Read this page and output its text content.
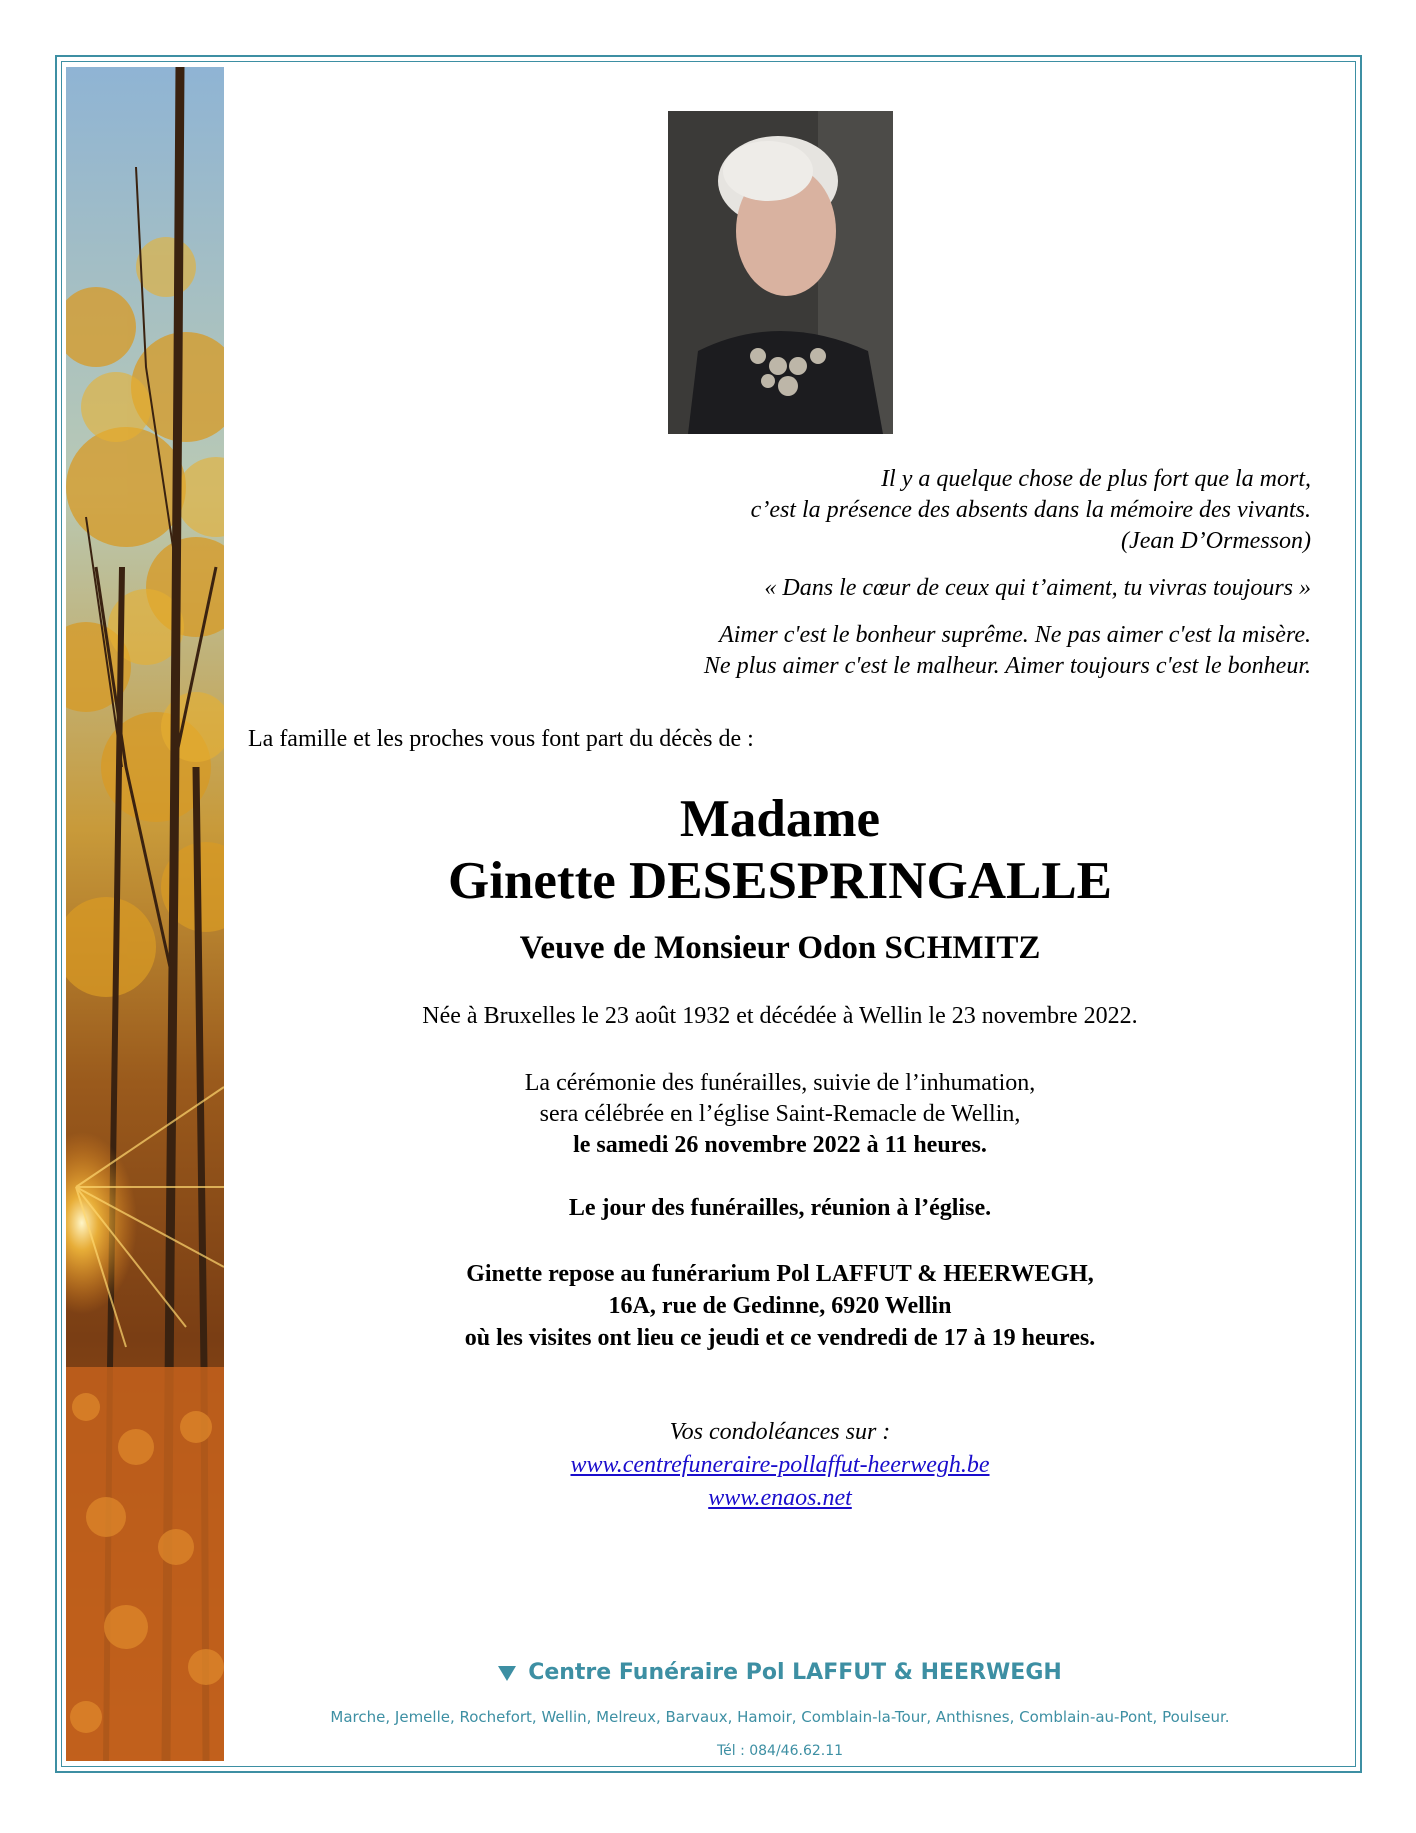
Il y a quelque chose de plus fort que la mort,

c’est la présence des absents dans la mémoire des vivants.

(Jean D’Ormesson)

« Dans le cœur de ceux qui t’aiment, tu vivras toujours »

Aimer c'est le bonheur suprême. Ne pas aimer c'est la misère.

Ne plus aimer c'est le malheur. Aimer toujours c'est le bonheur.

La famille et les proches vous font part du décès de :
Madame
Ginette DESESPRINGALLE
Veuve de Monsieur Odon SCHMITZ
Née à Bruxelles le 23 août 1932 et décédée à Wellin le 23 novembre 2022.
La cérémonie des funérailles, suivie de l’inhumation,
sera célébrée en l’église Saint-Remacle de Wellin,
le samedi 26 novembre 2022 à 11 heures.
Le jour des funérailles, réunion à l’église.
Ginette repose au funérarium Pol LAFFUT & HEERWEGH,
16A, rue de Gedinne, 6920 Wellin
où les visites ont lieu ce jeudi et ce vendredi de 17 à 19 heures.
Vos condoléances sur :
www.centrefuneraire-pollaffut-heerwegh.be
www.enaos.net
Centre Funéraire Pol LAFFUT & HEERWEGH
Marche, Jemelle, Rochefort, Wellin, Melreux, Barvaux, Hamoir, Comblain-la-Tour, Anthisnes, Comblain-au-Pont, Poulseur.
Tél : 084/46.62.11
